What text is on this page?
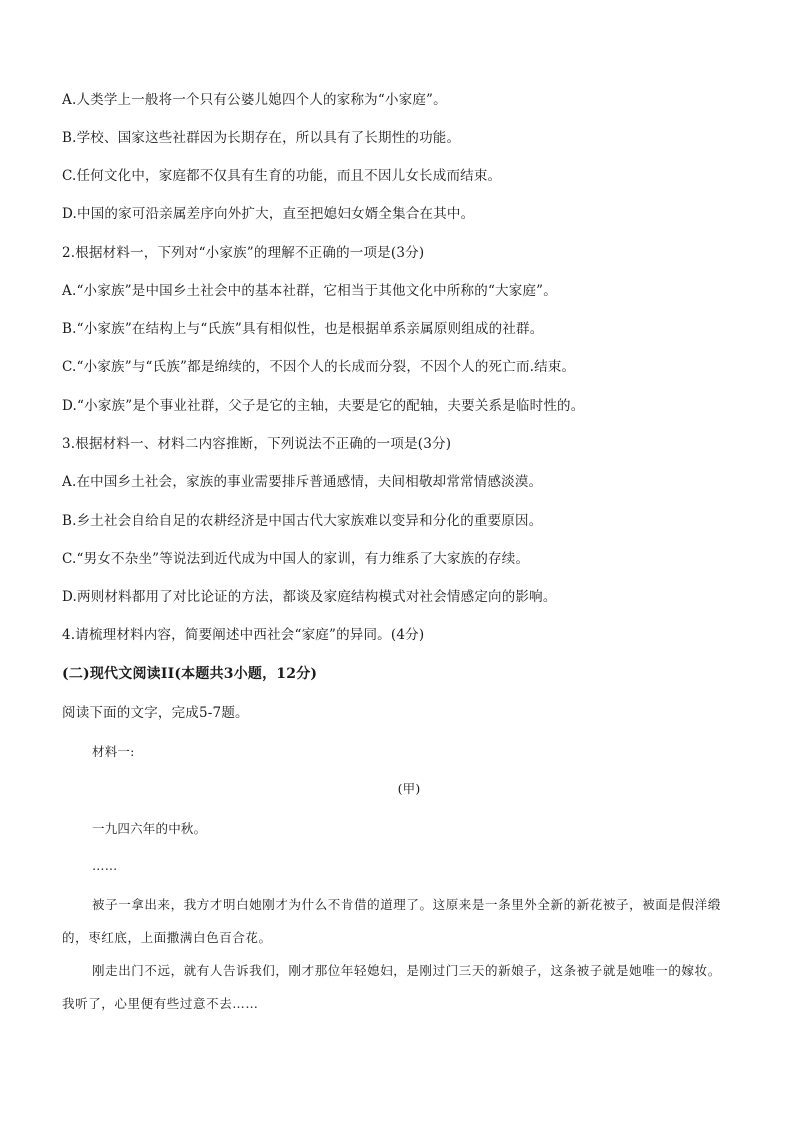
A.人类学上一般将一个只有公婆儿媳四个人的家称为“小家庭”。
B.学校、国家这些社群因为长期存在，所以具有了长期性的功能。
C.任何文化中，家庭都不仅具有生育的功能，而且不因儿女长成而结束。
D.中国的家可沿亲属差序向外扩大，直至把媳妇女婿全集合在其中。
2.根据材料一，下列对“小家族”的理解不正确的一项是(3分)
A.“小家族”是中国乡土社会中的基本社群，它相当于其他文化中所称的“大家庭”。
B.“小家族”在结构上与“氏族”具有相似性，也是根据单系亲属原则组成的社群。
C.“小家族”与“氏族”都是绵续的，不因个人的长成而分裂，不因个人的死亡而.结束。
D.“小家族”是个事业社群，父子是它的主轴，夫要是它的配轴，夫要关系是临时性的。
3.根据材料一、材料二内容推断，下列说法不正确的一项是(3分)
A.在中国乡土社会，家族的事业需要排斥普通感情，夫间相敬却常常情感淡漠。
B.乡土社会自给自足的农耕经济是中国古代大家族难以变异和分化的重要原因。
C.“男女不杂坐”等说法到近代成为中国人的家训，有力维系了大家族的存续。
D.两则材料都用了对比论证的方法，都谈及家庭结构模式对社会情感定向的影响。
4.请梳理材料内容，简要阐述中西社会“家庭”的异同。(4分)
(二)现代文阅读II(本题共3小题，12分)
阅读下面的文字，完成5-7题。
材料一:
(甲)
一九四六年的中秋。
……
被子一拿出来，我方才明白她刚才为什么不肯借的道理了。这原来是一条里外全新的新花被子，被面是假洋缎的，枣红底，上面撒满白色百合花。
刚走出门不远，就有人告诉我们，刚才那位年轻媳妇，是刚过门三天的新娘子，这条被子就是她唯一的嫁妆。我听了，心里便有些过意不去……
